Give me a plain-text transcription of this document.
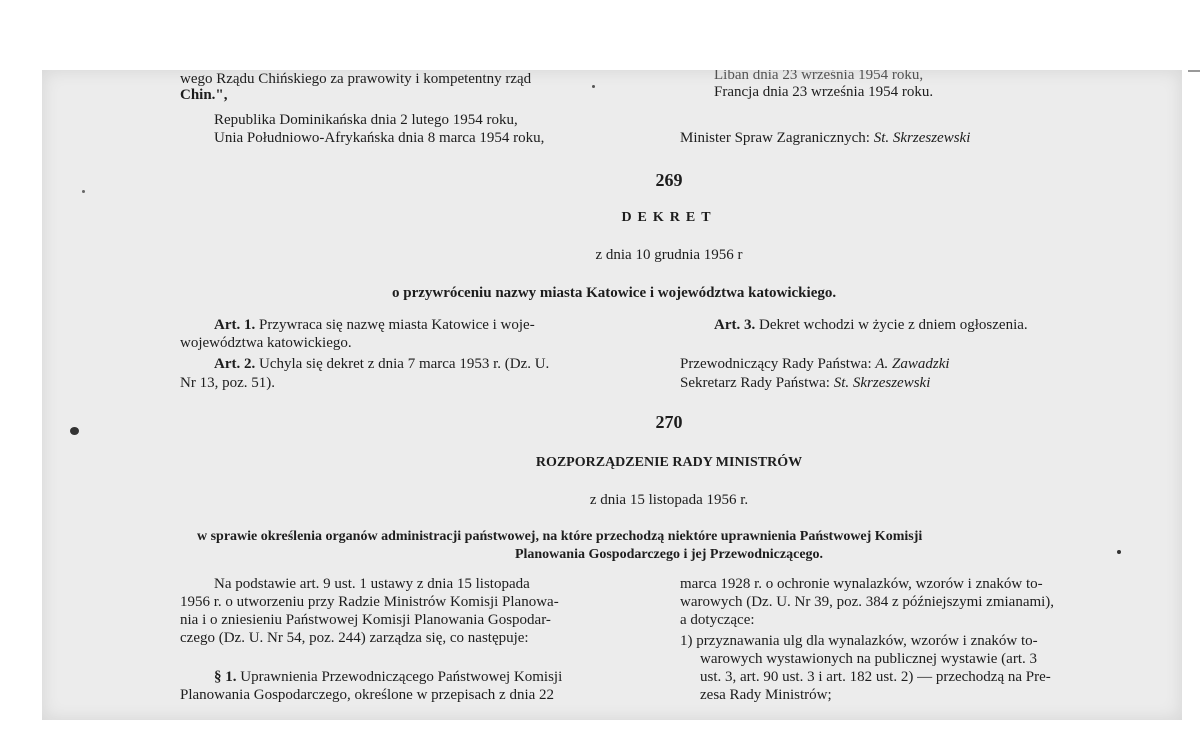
wego Rządu Chińskiego za prawowity i kompetentny rząd
Chin.",
Republika Dominikańska dnia 2 lutego 1954 roku,
Unia Południowo-Afrykańska dnia 8 marca 1954 roku,
Liban dnia 23 września 1954 roku,
Francja dnia 23 września 1954 roku.
Minister Spraw Zagranicznych: St. Skrzeszewski
269
DEKRET
z dnia 10 grudnia 1956 r
o przywróceniu nazwy miasta Katowice i województwa katowickiego.
Art. 1. Przywraca się nazwę miasta Katowice i woje-
województwa katowickiego.
Art. 2. Uchyla się dekret z dnia 7 marca 1953 r. (Dz. U.
Nr 13, poz. 51).
Art. 3. Dekret wchodzi w życie z dniem ogłoszenia.
Przewodniczący Rady Państwa: A. Zawadzki
Sekretarz Rady Państwa: St. Skrzeszewski
270
ROZPORZĄDZENIE RADY MINISTRÓW
z dnia 15 listopada 1956 r.
w sprawie określenia organów administracji państwowej, na które przechodzą niektóre uprawnienia Państwowej Komisji
Planowania Gospodarczego i jej Przewodniczącego.
Na podstawie art. 9 ust. 1 ustawy z dnia 15 listopada
1956 r. o utworzeniu przy Radzie Ministrów Komisji Planowa-
nia i o zniesieniu Państwowej Komisji Planowania Gospodar-
czego (Dz. U. Nr 54, poz. 244) zarządza się, co następuje:
§ 1. Uprawnienia Przewodniczącego Państwowej Komisji
Planowania Gospodarczego, określone w przepisach z dnia 22
marca 1928 r. o ochronie wynalazków, wzorów i znaków to-
warowych (Dz. U. Nr 39, poz. 384 z późniejszymi zmianami),
a dotyczące:
1) przyznawania ulg dla wynalazków, wzorów i znaków to-
warowych wystawionych na publicznej wystawie (art. 3
ust. 3, art. 90 ust. 3 i art. 182 ust. 2) — przechodzą na Pre-
zesa Rady Ministrów;
